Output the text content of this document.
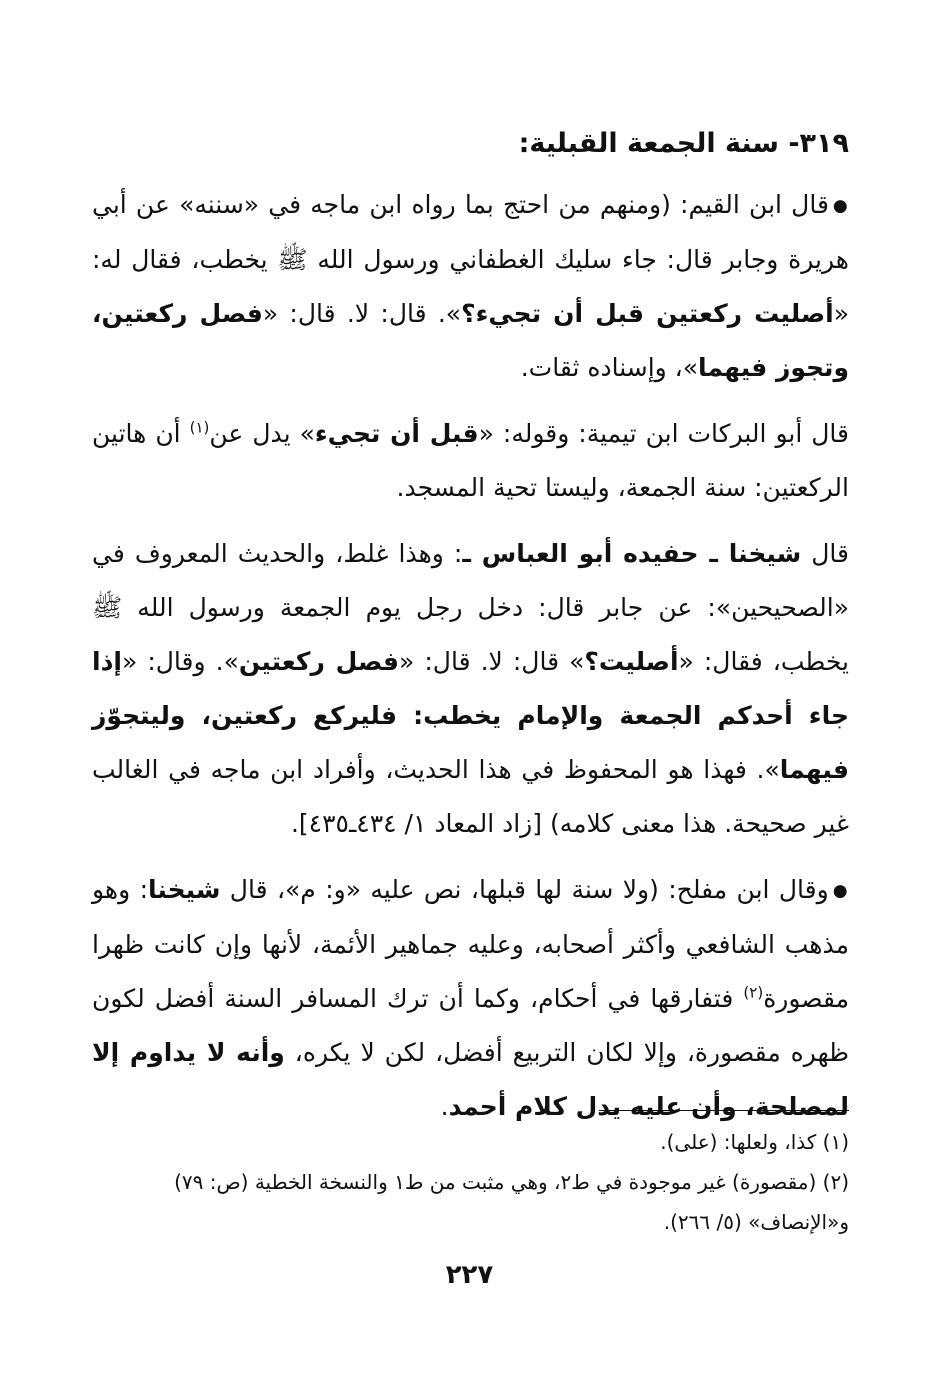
٣١٩- سنة الجمعة القبلية:

● قال ابن القيم: (ومنهم من احتج بما رواه ابن ماجه في «سننه» عن أبي هريرة وجابر قال: جاء سليك الغطفاني ورسول الله ﷺ يخطب، فقال له: «أصليت ركعتين قبل أن تجيء؟». قال: لا. قال: «فصل ركعتين، وتجوز فيهما»، وإسناده ثقات.

قال أبو البركات ابن تيمية: وقوله: «قبل أن تجيء» يدل عن$^{(١)}$ أن هاتين الركعتين: سنة الجمعة، وليستا تحية المسجد.

قال شيخنا ـ حفيده أبو العباس ـ: وهذا غلط، والحديث المعروف في «الصحيحين»: عن جابر قال: دخل رجل يوم الجمعة ورسول الله ﷺ يخطب، فقال: «أصليت؟» قال: لا. قال: «فصل ركعتين». وقال: «إذا جاء أحدكم الجمعة والإمام يخطب: فليركع ركعتين، وليتجوّز فيهما». فهذا هو المحفوظ في هذا الحديث، وأفراد ابن ماجه في الغالب غير صحيحة. هذا معنى كلامه) [زاد المعاد ١/ ٤٣٤ـ٤٣٥].

● وقال ابن مفلح: (ولا سنة لها قبلها، نص عليه «و: م»، قال شيخنا: وهو مذهب الشافعي وأكثر أصحابه، وعليه جماهير الأئمة، لأنها وإن كانت ظهرا مقصورة$^{(٢)}$ فتفارقها في أحكام، وكما أن ترك المسافر السنة أفضل لكون ظهره مقصورة، وإلا لكان التربيع أفضل، لكن لا يكره، وأنه لا يداوم إلا لمصلحة، وأن عليه يدل كلام أحمد.

(١) كذا، ولعلها: (على).

(٢) (مقصورة) غير موجودة في ط٢، وهي مثبت من ط١ والنسخة الخطية (ص: ٧٩) و«الإنصاف» (٥/ ٢٦٦).

٢٢٧
